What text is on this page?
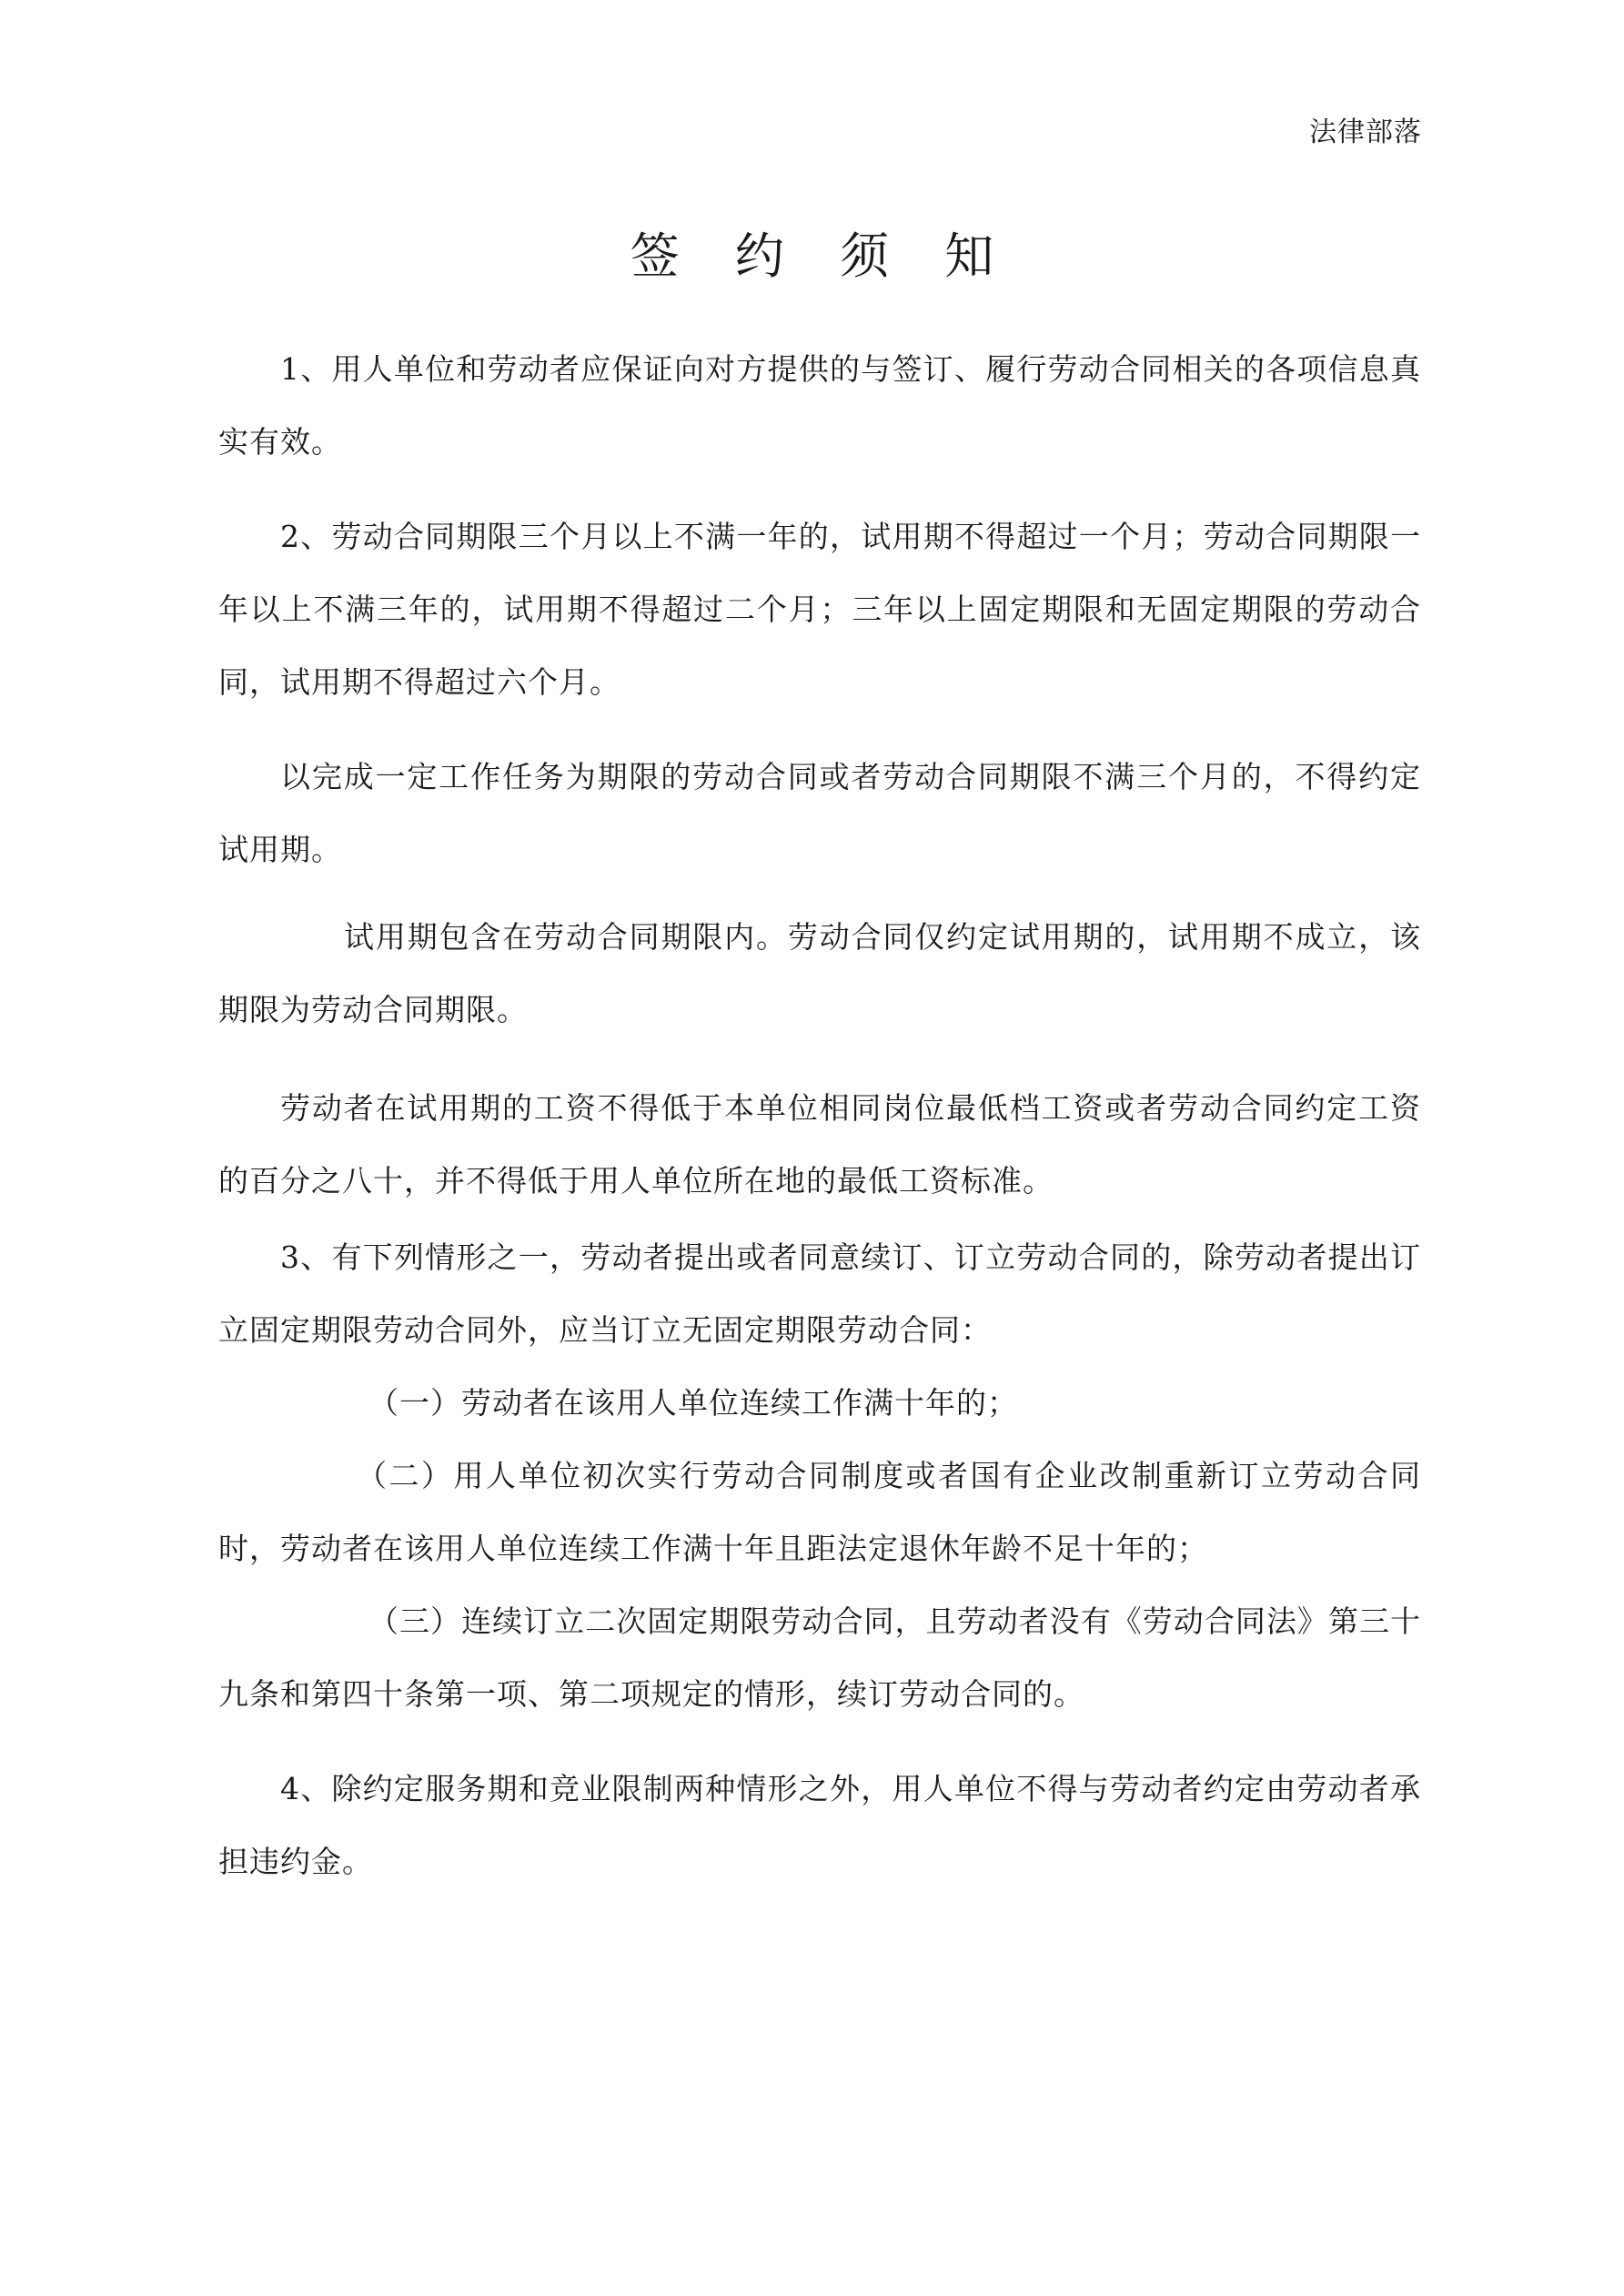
法律部落
签 约 须 知

1、用人单位和劳动者应保证向对方提供的与签订、履行劳动合同相关的各项信息真实有效。

2、劳动合同期限三个月以上不满一年的，试用期不得超过一个月；劳动合同期限一年以上不满三年的，试用期不得超过二个月；三年以上固定期限和无固定期限的劳动合同，试用期不得超过六个月。

以完成一定工作任务为期限的劳动合同或者劳动合同期限不满三个月的，不得约定试用期。

试用期包含在劳动合同期限内。劳动合同仅约定试用期的，试用期不成立，该期限为劳动合同期限。

劳动者在试用期的工资不得低于本单位相同岗位最低档工资或者劳动合同约定工资的百分之八十，并不得低于用人单位所在地的最低工资标准。

3、有下列情形之一，劳动者提出或者同意续订、订立劳动合同的，除劳动者提出订立固定期限劳动合同外，应当订立无固定期限劳动合同：

（一）劳动者在该用人单位连续工作满十年的；

（二）用人单位初次实行劳动合同制度或者国有企业改制重新订立劳动合同时，劳动者在该用人单位连续工作满十年且距法定退休年龄不足十年的；

（三）连续订立二次固定期限劳动合同，且劳动者没有《劳动合同法》第三十九条和第四十条第一项、第二项规定的情形，续订劳动合同的。

4、除约定服务期和竞业限制两种情形之外，用人单位不得与劳动者约定由劳动者承担违约金。
